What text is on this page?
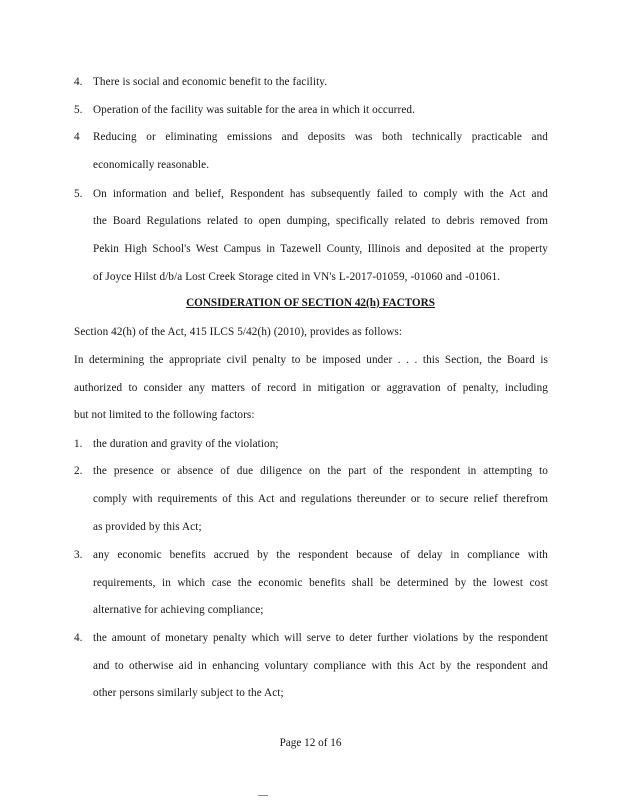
4. There is social and economic benefit to the facility.
5. Operation of the facility was suitable for the area in which it occurred.
4 Reducing or eliminating emissions and deposits was both technically practicable and
economically reasonable.
5. On information and belief, Respondent has subsequently failed to comply with the Act and
the Board Regulations related to open dumping, specifically related to debris removed from
Pekin High School's West Campus in Tazewell County, Illinois and deposited at the property
of Joyce Hilst d/b/a Lost Creek Storage cited in VN's L-2017-01059, -01060 and -01061.
CONSIDERATION OF SECTION 42(h) FACTORS
Section 42(h) of the Act, 415 ILCS 5/42(h) (2010), provides as follows:
In determining the appropriate civil penalty to be imposed under . . . this Section, the Board is
authorized to consider any matters of record in mitigation or aggravation of penalty, including
but not limited to the following factors:
1. the duration and gravity of the violation;
2. the presence or absence of due diligence on the part of the respondent in attempting to
comply with requirements of this Act and regulations thereunder or to secure relief therefrom
as provided by this Act;
3. any economic benefits accrued by the respondent because of delay in compliance with
requirements, in which case the economic benefits shall be determined by the lowest cost
alternative for achieving compliance;
4. the amount of monetary penalty which will serve to deter further violations by the respondent
and to otherwise aid in enhancing voluntary compliance with this Act by the respondent and
other persons similarly subject to the Act;
Page 12 of 16
